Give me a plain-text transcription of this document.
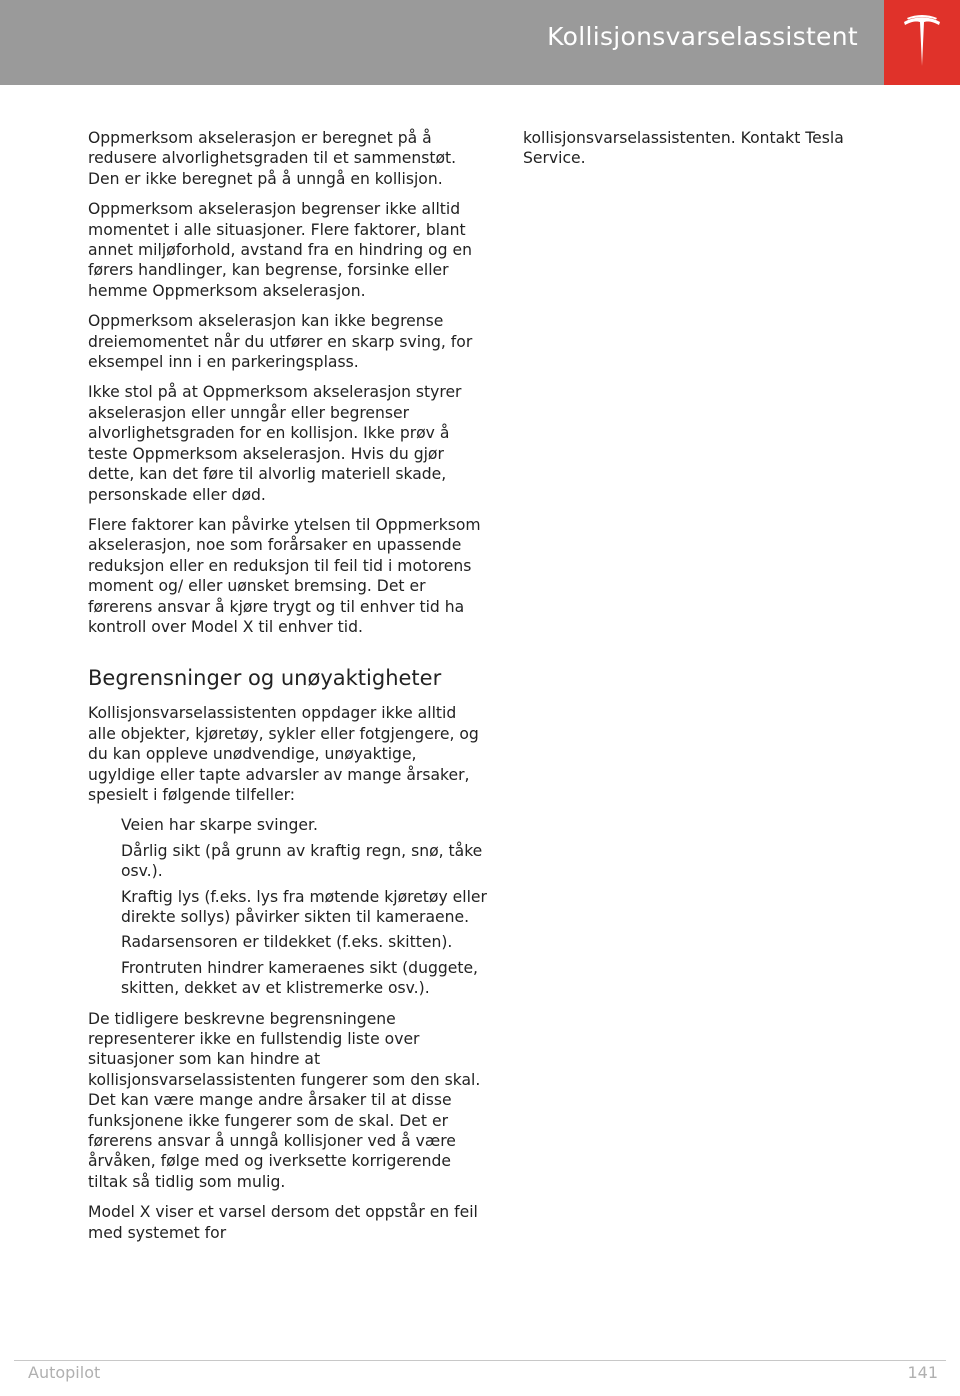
Kollisjonsvarselassistent

Oppmerksom akselerasjon er beregnet på å redusere alvorlighetsgraden til et sammenstøt. Den er ikke beregnet på å unngå en kollisjon.

Oppmerksom akselerasjon begrenser ikke alltid momentet i alle situasjoner. Flere faktorer, blant annet miljøforhold, avstand fra en hindring og en førers handlinger, kan begrense, forsinke eller hemme Oppmerksom akselerasjon.

Oppmerksom akselerasjon kan ikke begrense dreiemomentet når du utfører en skarp sving, for eksempel inn i en parkeringsplass.

Ikke stol på at Oppmerksom akselerasjon styrer akselerasjon eller unngår eller begrenser alvorlighetsgraden for en kollisjon. Ikke prøv å teste Oppmerksom akselerasjon. Hvis du gjør dette, kan det føre til alvorlig materiell skade, personskade eller død.

Flere faktorer kan påvirke ytelsen til Oppmerksom akselerasjon, noe som forårsaker en upassende reduksjon eller en reduksjon til feil tid i motorens moment og/ eller uønsket bremsing. Det er førerens ansvar å kjøre trygt og til enhver tid ha kontroll over Model X til enhver tid.

Begrensninger og unøyaktigheter

Kollisjonsvarselassistenten oppdager ikke alltid alle objekter, kjøretøy, sykler eller fotgjengere, og du kan oppleve unødvendige, unøyaktige, ugyldige eller tapte advarsler av mange årsaker, spesielt i følgende tilfeller:

Veien har skarpe svinger.
Dårlig sikt (på grunn av kraftig regn, snø, tåke osv.).
Kraftig lys (f.eks. lys fra møtende kjøretøy eller direkte sollys) påvirker sikten til kameraene.
Radarsensoren er tildekket (f.eks. skitten).
Frontruten hindrer kameraenes sikt (duggete, skitten, dekket av et klistremerke osv.).

De tidligere beskrevne begrensningene representerer ikke en fullstendig liste over situasjoner som kan hindre at kollisjonsvarselassistenten fungerer som den skal. Det kan være mange andre årsaker til at disse funksjonene ikke fungerer som de skal. Det er førerens ansvar å unngå kollisjoner ved å være årvåken, følge med og iverksette korrigerende tiltak så tidlig som mulig.

Model X viser et varsel dersom det oppstår en feil med systemet for

kollisjonsvarselassistenten. Kontakt Tesla Service.

Autopilot	141
